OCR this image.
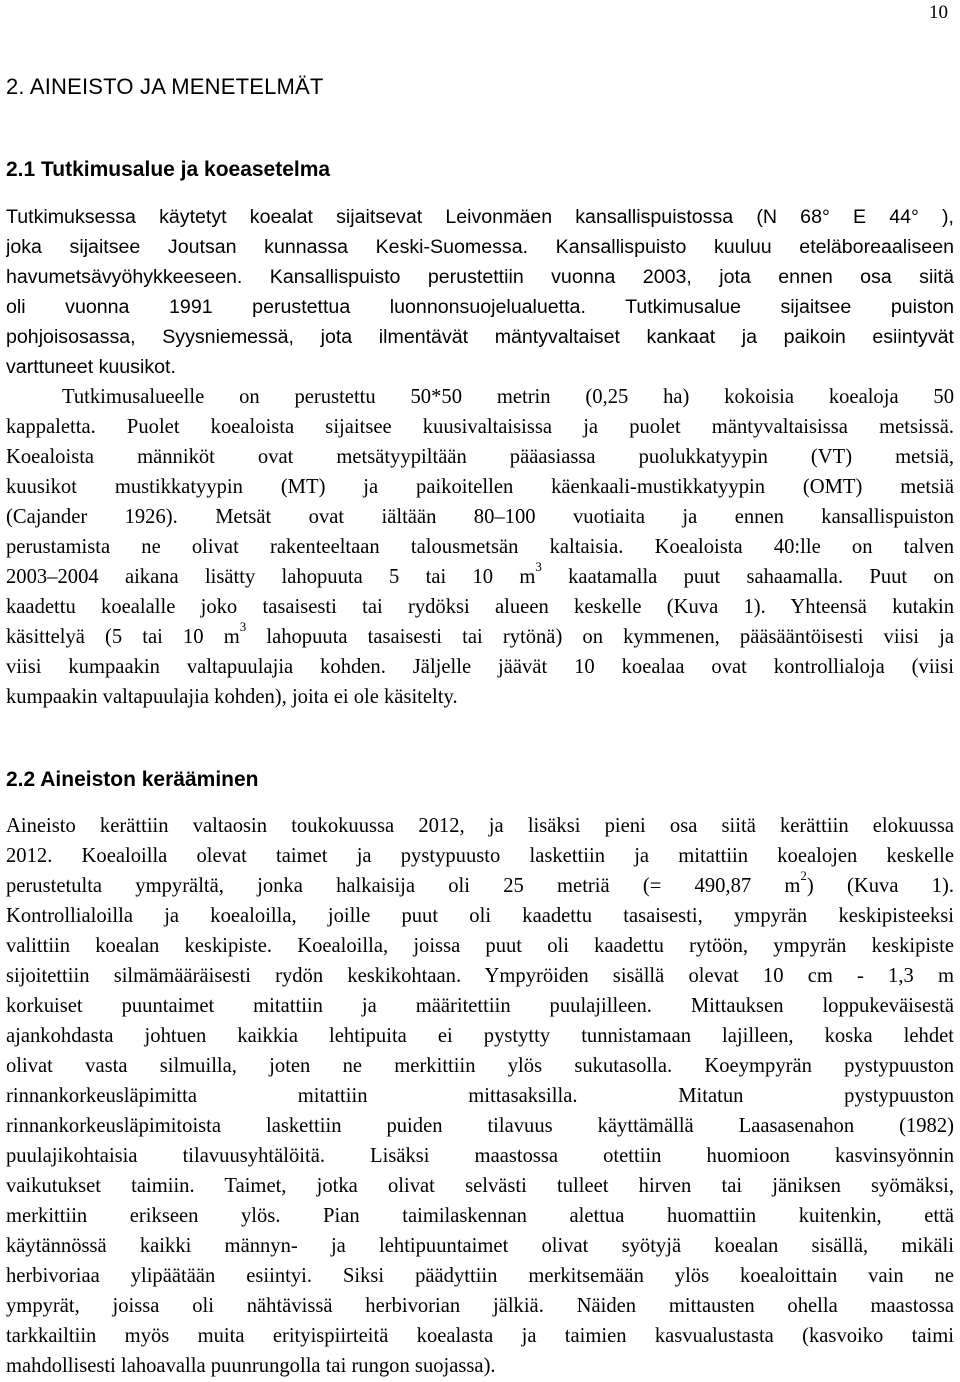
10
2. AINEISTO JA MENETELMÄT
2.1 Tutkimusalue ja koeasetelma
Tutkimuksessa käytetyt koealat sijaitsevat Leivonmäen kansallispuistossa (N 68° E 44° ),
joka sijaitsee Joutsan kunnassa Keski-Suomessa. Kansallispuisto kuuluu eteläboreaaliseen
havumetsävyöhykkeeseen. Kansallispuisto perustettiin vuonna 2003, jota ennen osa siitä
oli vuonna 1991 perustettua luonnonsuojelualuetta. Tutkimusalue sijaitsee puiston
pohjoisosassa, Syysniemessä, jota ilmentävät mäntyvaltaiset kankaat ja paikoin esiintyvät
varttuneet kuusikot.
Tutkimusalueelle on perustettu 50*50 metrin (0,25 ha) kokoisia koealoja 50
kappaletta. Puolet koealoista sijaitsee kuusivaltaisissa ja puolet mäntyvaltaisissa metsissä.
Koealoista männiköt ovat metsätyypiltään pääasiassa puolukkatyypin (VT) metsiä,
kuusikot mustikkatyypin (MT) ja paikoitellen käenkaali-mustikkatyypin (OMT) metsiä
(Cajander 1926). Metsät ovat iältään 80–100 vuotiaita ja ennen kansallispuiston
perustamista ne olivat rakenteeltaan talousmetsän kaltaisia. Koealoista 40:lle on talven
2003–2004 aikana lisätty lahopuuta 5 tai 10 $m^3$ kaatamalla puut sahaamalla. Puut on
kaadettu koealalle joko tasaisesti tai rydöksi alueen keskelle (Kuva 1). Yhteensä kutakin
käsittelyä (5 tai 10 $m^3$ lahopuuta tasaisesti tai rytönä) on kymmenen, pääsääntöisesti viisi ja
viisi kumpaakin valtapuulajia kohden. Jäljelle jäävät 10 koealaa ovat kontrollialoja (viisi
kumpaakin valtapuulajia kohden), joita ei ole käsitelty.
2.2 Aineiston kerääminen
Aineisto kerättiin valtaosin toukokuussa 2012, ja lisäksi pieni osa siitä kerättiin elokuussa
2012. Koealoilla olevat taimet ja pystypuusto laskettiin ja mitattiin koealojen keskelle
perustetulta ympyrältä, jonka halkaisija oli 25 metriä (= 490,87 $m^2$) (Kuva 1).
Kontrollialoilla ja koealoilla, joille puut oli kaadettu tasaisesti, ympyrän keskipisteeksi
valittiin koealan keskipiste. Koealoilla, joissa puut oli kaadettu rytöön, ympyrän keskipiste
sijoitettiin silmämääräisesti rydön keskikohtaan. Ympyröiden sisällä olevat 10 cm - 1,3 m
korkuiset puuntaimet mitattiin ja määritettiin puulajilleen. Mittauksen loppukeväisestä
ajankohdasta johtuen kaikkia lehtipuita ei pystytty tunnistamaan lajilleen, koska lehdet
olivat vasta silmuilla, joten ne merkittiin ylös sukutasolla. Koeympyrän pystypuuston
rinnankorkeusläpimitta mitattiin mittasaksilla. Mitatun pystypuuston
rinnankorkeusläpimitoista laskettiin puiden tilavuus käyttämällä Laasasenahon (1982)
puulajikohtaisia tilavuusyhtälöitä. Lisäksi maastossa otettiin huomioon kasvinsyönnin
vaikutukset taimiin. Taimet, jotka olivat selvästi tulleet hirven tai jäniksen syömäksi,
merkittiin erikseen ylös. Pian taimilaskennan alettua huomattiin kuitenkin, että
käytännössä kaikki männyn- ja lehtipuuntaimet olivat syötyjä koealan sisällä, mikäli
herbivoriaa ylipäätään esiintyi. Siksi päädyttiin merkitsemään ylös koealoittain vain ne
ympyrät, joissa oli nähtävissä herbivorian jälkiä. Näiden mittausten ohella maastossa
tarkkailtiin myös muita erityispiirteitä koealasta ja taimien kasvualustasta (kasvoiko taimi
mahdollisesti lahoavalla puunrungolla tai rungon suojassa).
